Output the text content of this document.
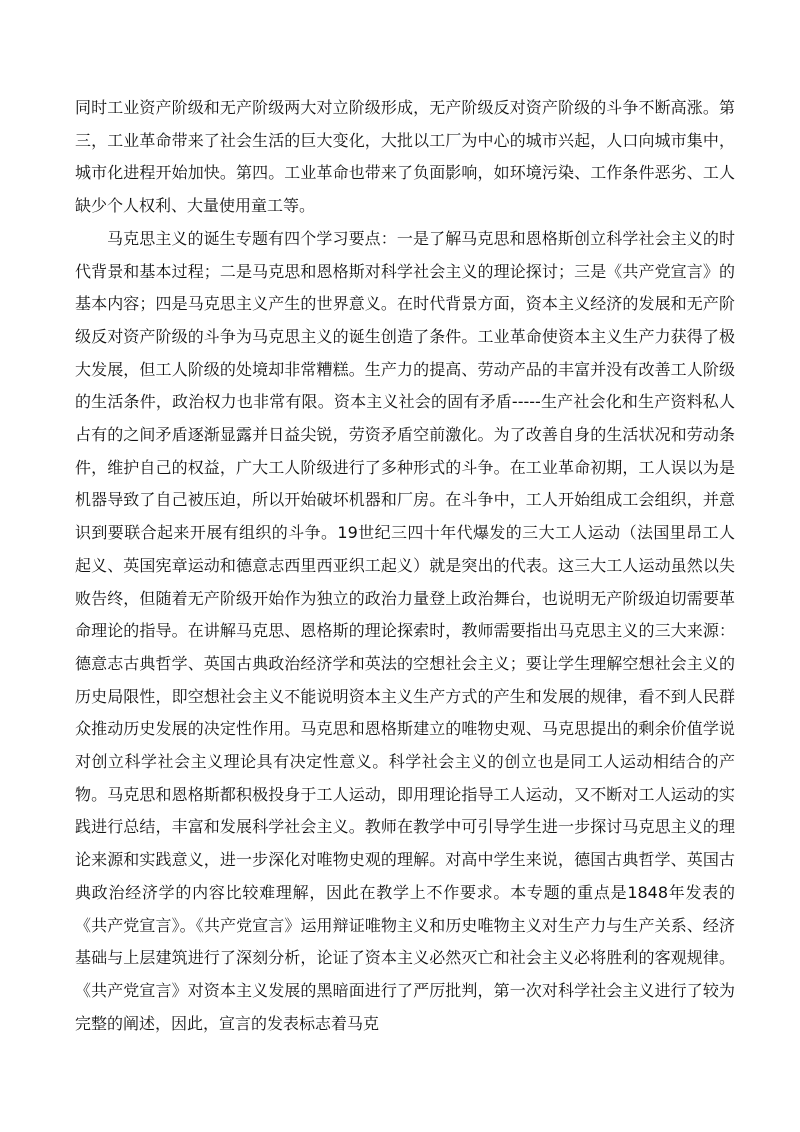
同时工业资产阶级和无产阶级两大对立阶级形成，无产阶级反对资产阶级的斗争不断高涨。第三，工业革命带来了社会生活的巨大变化，大批以工厂为中心的城市兴起，人口向城市集中，城市化进程开始加快。第四。工业革命也带来了负面影响，如环境污染、工作条件恶劣、工人缺少个人权利、大量使用童工等。

马克思主义的诞生专题有四个学习要点：一是了解马克思和恩格斯创立科学社会主义的时代背景和基本过程；二是马克思和恩格斯对科学社会主义的理论探讨；三是《共产党宣言》的基本内容；四是马克思主义产生的世界意义。在时代背景方面，资本主义经济的发展和无产阶级反对资产阶级的斗争为马克思主义的诞生创造了条件。工业革命使资本主义生产力获得了极大发展，但工人阶级的处境却非常糟糕。生产力的提高、劳动产品的丰富并没有改善工人阶级的生活条件，政治权力也非常有限。资本主义社会的固有矛盾-----生产社会化和生产资料私人占有的之间矛盾逐渐显露并日益尖锐，劳资矛盾空前激化。为了改善自身的生活状况和劳动条件，维护自己的权益，广大工人阶级进行了多种形式的斗争。在工业革命初期，工人误以为是机器导致了自己被压迫，所以开始破坏机器和厂房。在斗争中，工人开始组成工会组织，并意识到要联合起来开展有组织的斗争。19世纪三四十年代爆发的三大工人运动（法国里昂工人起义、英国宪章运动和德意志西里西亚织工起义）就是突出的代表。这三大工人运动虽然以失败告终，但随着无产阶级开始作为独立的政治力量登上政治舞台，也说明无产阶级迫切需要革命理论的指导。在讲解马克思、恩格斯的理论探索时，教师需要指出马克思主义的三大来源：德意志古典哲学、英国古典政治经济学和英法的空想社会主义；要让学生理解空想社会主义的历史局限性，即空想社会主义不能说明资本主义生产方式的产生和发展的规律，看不到人民群众推动历史发展的决定性作用。马克思和恩格斯建立的唯物史观、马克思提出的剩余价值学说对创立科学社会主义理论具有决定性意义。科学社会主义的创立也是同工人运动相结合的产物。马克思和恩格斯都积极投身于工人运动，即用理论指导工人运动，又不断对工人运动的实践进行总结，丰富和发展科学社会主义。教师在教学中可引导学生进一步探讨马克思主义的理论来源和实践意义，进一步深化对唯物史观的理解。对高中学生来说，德国古典哲学、英国古典政治经济学的内容比较难理解，因此在教学上不作要求。本专题的重点是1848年发表的《共产党宣言》。《共产党宣言》运用辩证唯物主义和历史唯物主义对生产力与生产关系、经济基础与上层建筑进行了深刻分析，论证了资本主义必然灭亡和社会主义必将胜利的客观规律。《共产党宣言》对资本主义发展的黑暗面进行了严厉批判，第一次对科学社会主义进行了较为完整的阐述，因此，宣言的发表标志着马克
